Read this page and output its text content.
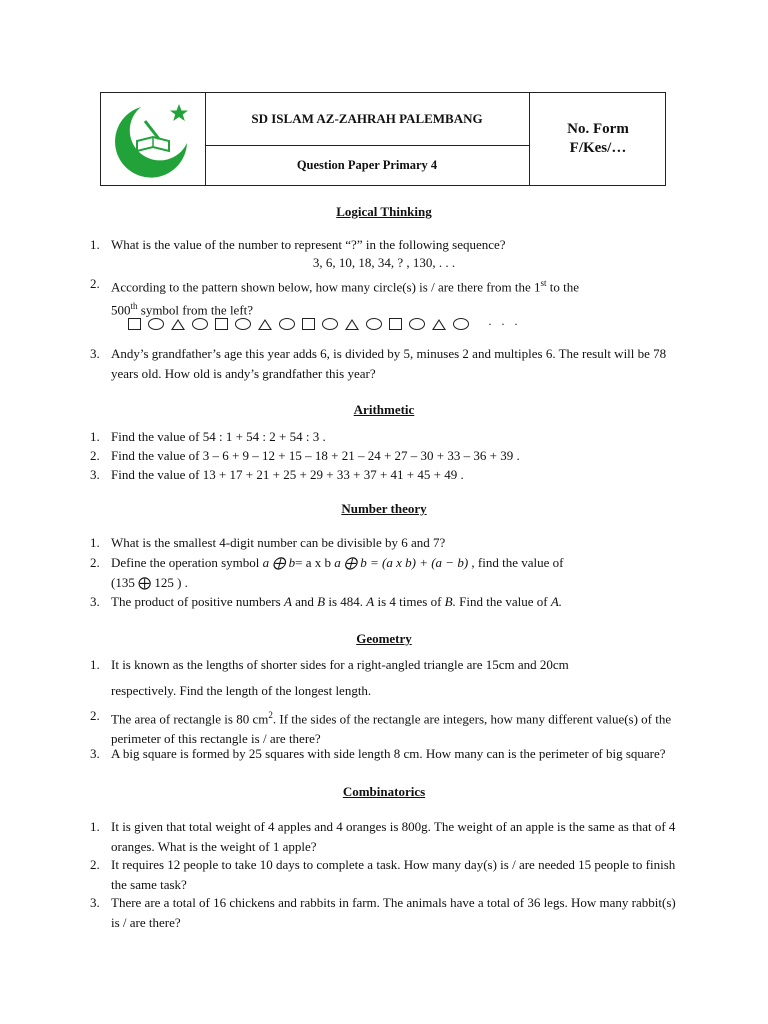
SD ISLAM AZ-ZAHRAH PALEMBANG
Question Paper Primary 4
No. Form
F/Kes/…
Logical Thinking
1. What is the value of the number to represent “?” in the following sequence?
3, 6, 10, 18, 34, ? , 130, . . .
2. According to the pattern shown below, how many circle(s) is / are there from the 1st to the
500th symbol from the left?
· · ·
3. Andy’s grandfather’s age this year adds 6, is divided by 5, minuses 2 and multiples 6. The result will be 78 years old. How old is andy’s grandfather this year?
Arithmetic
1. Find the value of 54 : 1 + 54 : 2 + 54 : 3 .
2. Find the value of 3 – 6 + 9 – 12 + 15 – 18 + 21 – 24 + 27 – 30 + 33 – 36 + 39 .
3. Find the value of 13 + 17 + 21 + 25 + 29 + 33 + 37 + 41 + 45 + 49 .
Number theory
1. What is the smallest 4-digit number can be divisible by 6 and 7?
2. Define the operation symbol a ⨁ b= a x b a ⨁ b = (a x b) + (a − b) , find the value of
(135 ⨁ 125 ) .
3. The product of positive numbers A and B is 484. A is 4 times of B. Find the value of A.
Geometry
1. It is known as the lengths of shorter sides for a right-angled triangle are 15cm and 20cm
respectively. Find the length of the longest length.
2. The area of rectangle is 80 $cm^2$. If the sides of the rectangle are integers, how many different value(s) of the perimeter of this rectangle is / are there?
3. A big square is formed by 25 squares with side length 8 cm. How many can is the perimeter of big square?
Combinatorics
1. It is given that total weight of 4 apples and 4 oranges is 800g. The weight of an apple is the same as that of 4 oranges. What is the weight of 1 apple?
2. It requires 12 people to take 10 days to complete a task. How many day(s) is / are needed 15 people to finish the same task?
3. There are a total of 16 chickens and rabbits in farm. The animals have a total of 36 legs. How many rabbit(s) is / are there?
